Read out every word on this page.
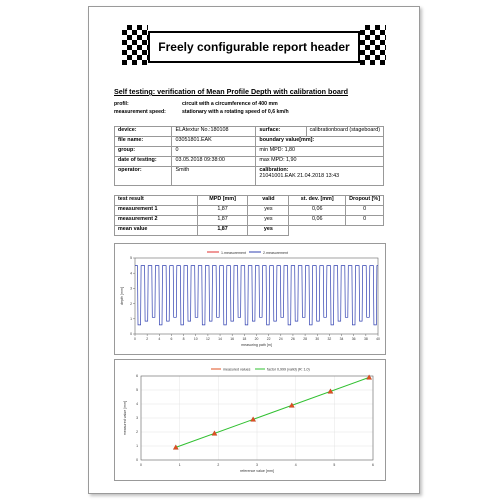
Freely configurable report header
Self testing: verification of Mean Profile Depth with calibration board
profil:	circuit with a circumference of 400 mm
measurement speed:	stationary with a rotating speed of 0,6 km/h
device:	ELAtextur No.:180108	surface:	calibrationboard (stageboard)
file name:	03051801.EAK	boundary value[mm]:	
group:	0	min MPD: 1,80	
date of testing:	03.05.2018 09:38:00	max MPD: 1,90	
operator:	Smith	calibration:
21041001.EAK 21.04.2018 13:43	
test result	MPD [mm]	valid	st. dev. [mm]	Dropout [%]
measurement 1	1,87	yes	0,06	0
measurement 2	1,87	yes	0,06	0
mean value	1,87	yes		
1.measurement	2.measurement
0	2	4	6	8	10 12 14 16 18 20 22 24 26 28 30 32 34 36 38 40
0
1
2
3
4
5
measuring path [m]
depth [mm]
0	1	2	3	4	5	6
0
1
2
3
4
5
6
reference value [mm]
measured value [mm]
measured values	factor 0,999 (valid) (R: 1,0)
